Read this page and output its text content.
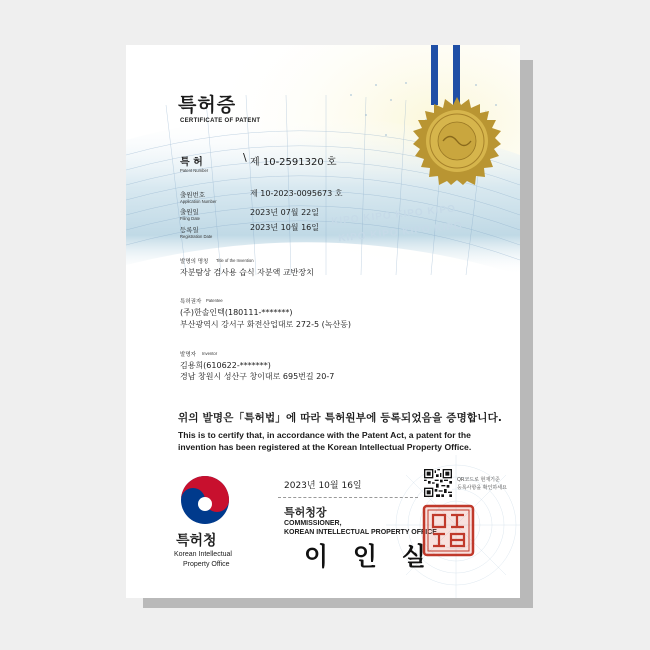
KIPO KIPO KIPO KIPO
KIPO KIPO KIPO KIPO
특허증
CERTIFICATE OF PATENT
특 허
Patent Number
\ 제 10-2591320 호
출원번호
Application Number
제 10-2023-0095673 호
출원일
Filing Date
2023년 07월 22일
등록일
Registration Date
2023년 10월 16일
발명의 명칭 Title of the Invention
자분탐상 검사용 습식 자분액 교반장치
특허권자 Patentee
(주)한솔인텍(180111-*******)
부산광역시 강서구 화전산업대로 272-5 (녹산동)
발명자 Inventor
김용희(610622-*******)
경남 창원시 성산구 창이대로 695번길 20-7
위의 발명은「특허법」에 따라 특허원부에 등록되었음을 증명합니다.
This is to certify that, in accordance with the Patent Act, a patent for the
invention has been registered at the Korean Intellectual Property Office.
2023년 10월 16일
특허청장
COMMISSIONER,
KOREAN INTELLECTUAL PROPERTY OFFICE
이 인 실
QR코드로 현재기준
등록사항을 확인하세요
특허청
Korean Intellectual
Property Office
